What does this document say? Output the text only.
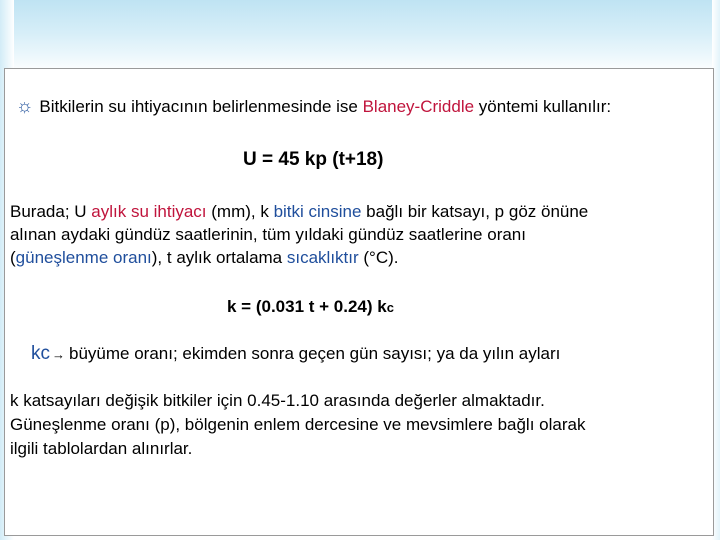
☼ Bitkilerin su ihtiyacının belirlenmesinde ise Blaney-Criddle yöntemi kullanılır:
U = 45 kp (t+18)
Burada; U aylık su ihtiyacı (mm), k bitki cinsine bağlı bir katsayı, p göz önüne
alınan aydaki gündüz saatlerinin, tüm yıldaki gündüz saatlerine oranı
(güneşlenme oranı), t aylık ortalama sıcaklıktır (°C).
k = (0.031 t + 0.24) kc
kc → büyüme oranı; ekimden sonra geçen gün sayısı; ya da yılın ayları
k katsayıları değişik bitkiler için 0.45-1.10 arasında değerler almaktadır.
Güneşlenme oranı (p), bölgenin enlem dercesine ve mevsimlere bağlı olarak
ilgili tablolardan alınırlar.
